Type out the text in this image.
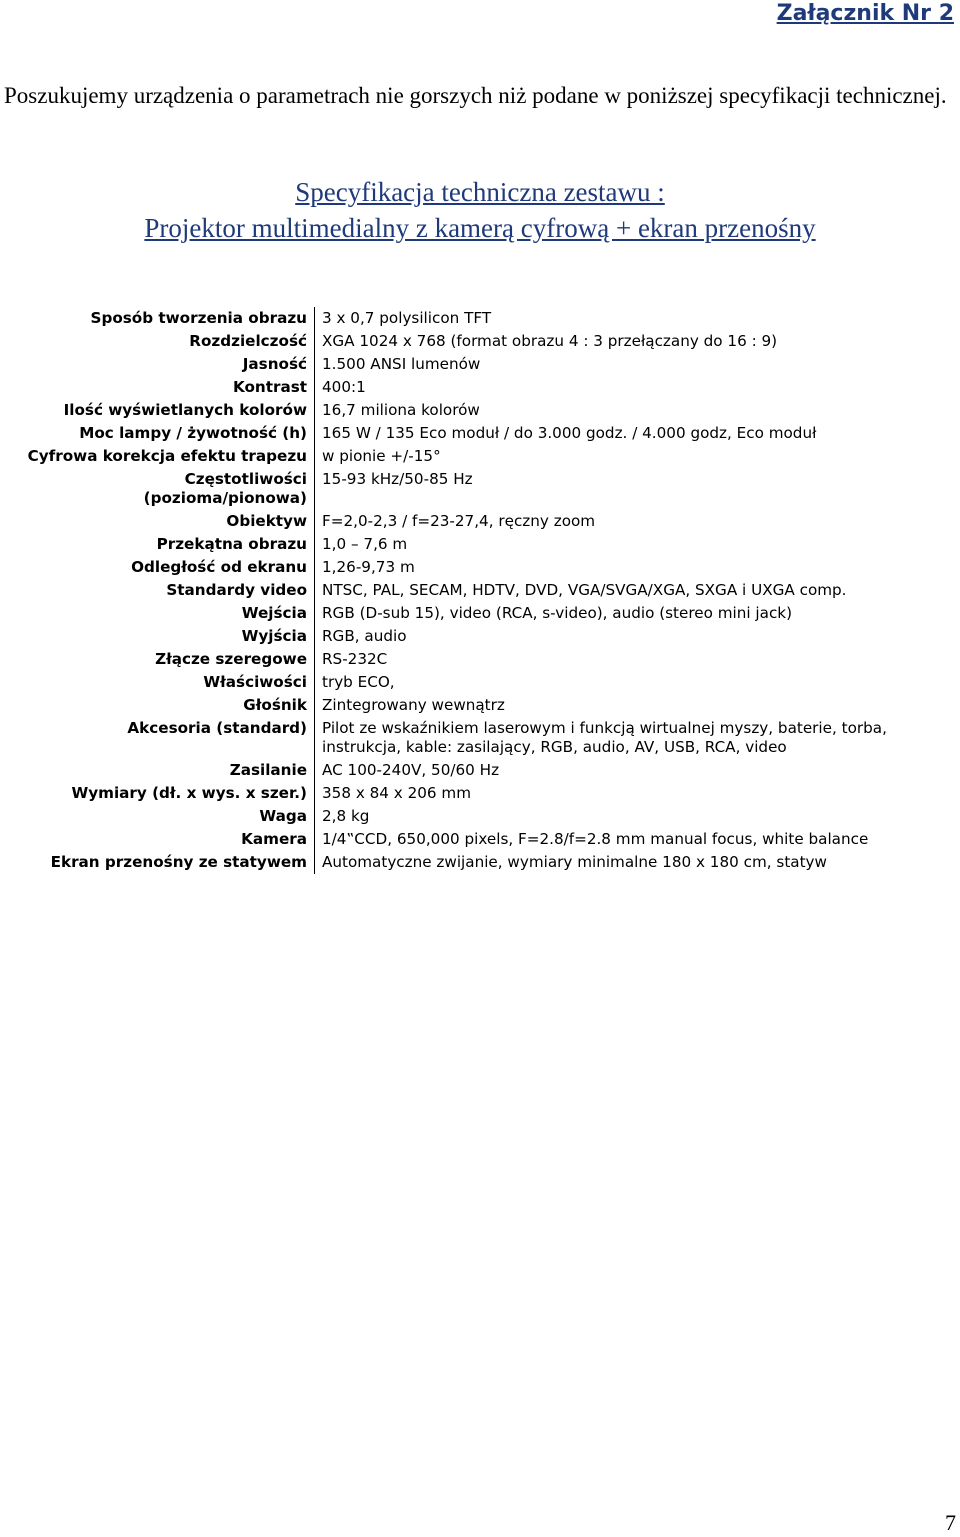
Załącznik Nr 2
Poszukujemy urządzenia o parametrach nie gorszych niż podane w poniższej specyfikacji technicznej.
Specyfikacja techniczna zestawu :
Projektor multimedialny z kamerą cyfrową + ekran przenośny
Sposób tworzenia obrazu	3 x 0,7 polysilicon TFT
Rozdzielczość	XGA 1024 x 768 (format obrazu 4 : 3 przełączany do 16 : 9)
Jasność	1.500 ANSI lumenów
Kontrast	400:1
Ilość wyświetlanych kolorów	16,7 miliona kolorów
Moc lampy / żywotność (h)	165 W / 135 Eco moduł / do 3.000 godz. / 4.000 godz, Eco moduł
Cyfrowa korekcja efektu trapezu	w pionie +/-15°

Częstotliwości
(pozioma/pionowa)	15-93 kHz/50-85 Hz
Obiektyw	F=2,0-2,3 / f=23-27,4, ręczny zoom
Przekątna obrazu	1,0 – 7,6 m
Odległość od ekranu	1,26-9,73 m
Standardy video	NTSC, PAL, SECAM, HDTV, DVD, VGA/SVGA/XGA, SXGA i UXGA comp.
Wejścia	RGB (D-sub 15), video (RCA, s-video), audio (stereo mini jack)
Wyjścia	RGB, audio
Złącze szeregowe	RS-232C
Właściwości	tryb ECO,
Głośnik	Zintegrowany wewnątrz
Akcesoria (standard)	Pilot ze wskaźnikiem laserowym i funkcją wirtualnej myszy, baterie, torba, instrukcja, kable: zasilający, RGB, audio, AV, USB, RCA, video
Zasilanie	AC 100-240V, 50/60 Hz
Wymiary (dł. x wys. x szer.)	358 x 84 x 206 mm
Waga	2,8 kg
Kamera	1/4‟CCD, 650,000 pixels, F=2.8/f=2.8 mm manual focus, white balance
Ekran przenośny ze statywem	Automatyczne zwijanie, wymiary minimalne 180 x 180 cm, statyw
7
